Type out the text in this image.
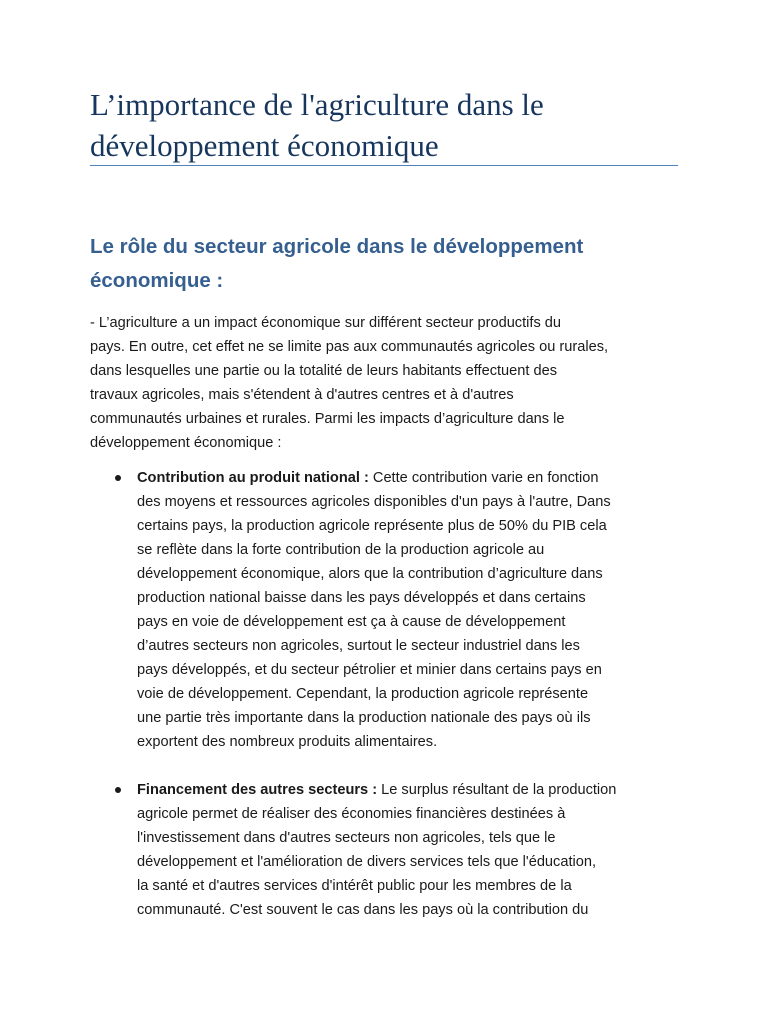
L’importance de l'agriculture dans le
développement économique
Le rôle du secteur agricole dans le développement
économique :

- L’agriculture a un impact économique sur différent secteur productifs du
pays. En outre, cet effet ne se limite pas aux communautés agricoles ou rurales,
dans lesquelles une partie ou la totalité de leurs habitants effectuent des
travaux agricoles, mais s'étendent à d'autres centres et à d'autres
communautés urbaines et rurales. Parmi les impacts d’agriculture dans le
développement économique :

Contribution au produit national : Cette contribution varie en fonction
des moyens et ressources agricoles disponibles d'un pays à l'autre, Dans
certains pays, la production agricole représente plus de 50% du PIB cela
se reflète dans la forte contribution de la production agricole au
développement économique, alors que la contribution d’agriculture dans
production national baisse dans les pays développés et dans certains
pays en voie de développement est ça à cause de développement
d’autres secteurs non agricoles, surtout le secteur industriel dans les
pays développés, et du secteur pétrolier et minier dans certains pays en
voie de développement. Cependant, la production agricole représente
une partie très importante dans la production nationale des pays où ils
exportent des nombreux produits alimentaires.
Financement des autres secteurs : Le surplus résultant de la production
agricole permet de réaliser des économies financières destinées à
l'investissement dans d'autres secteurs non agricoles, tels que le
développement et l'amélioration de divers services tels que l'éducation,
la santé et d'autres services d'intérêt public pour les membres de la
communauté. C'est souvent le cas dans les pays où la contribution du
